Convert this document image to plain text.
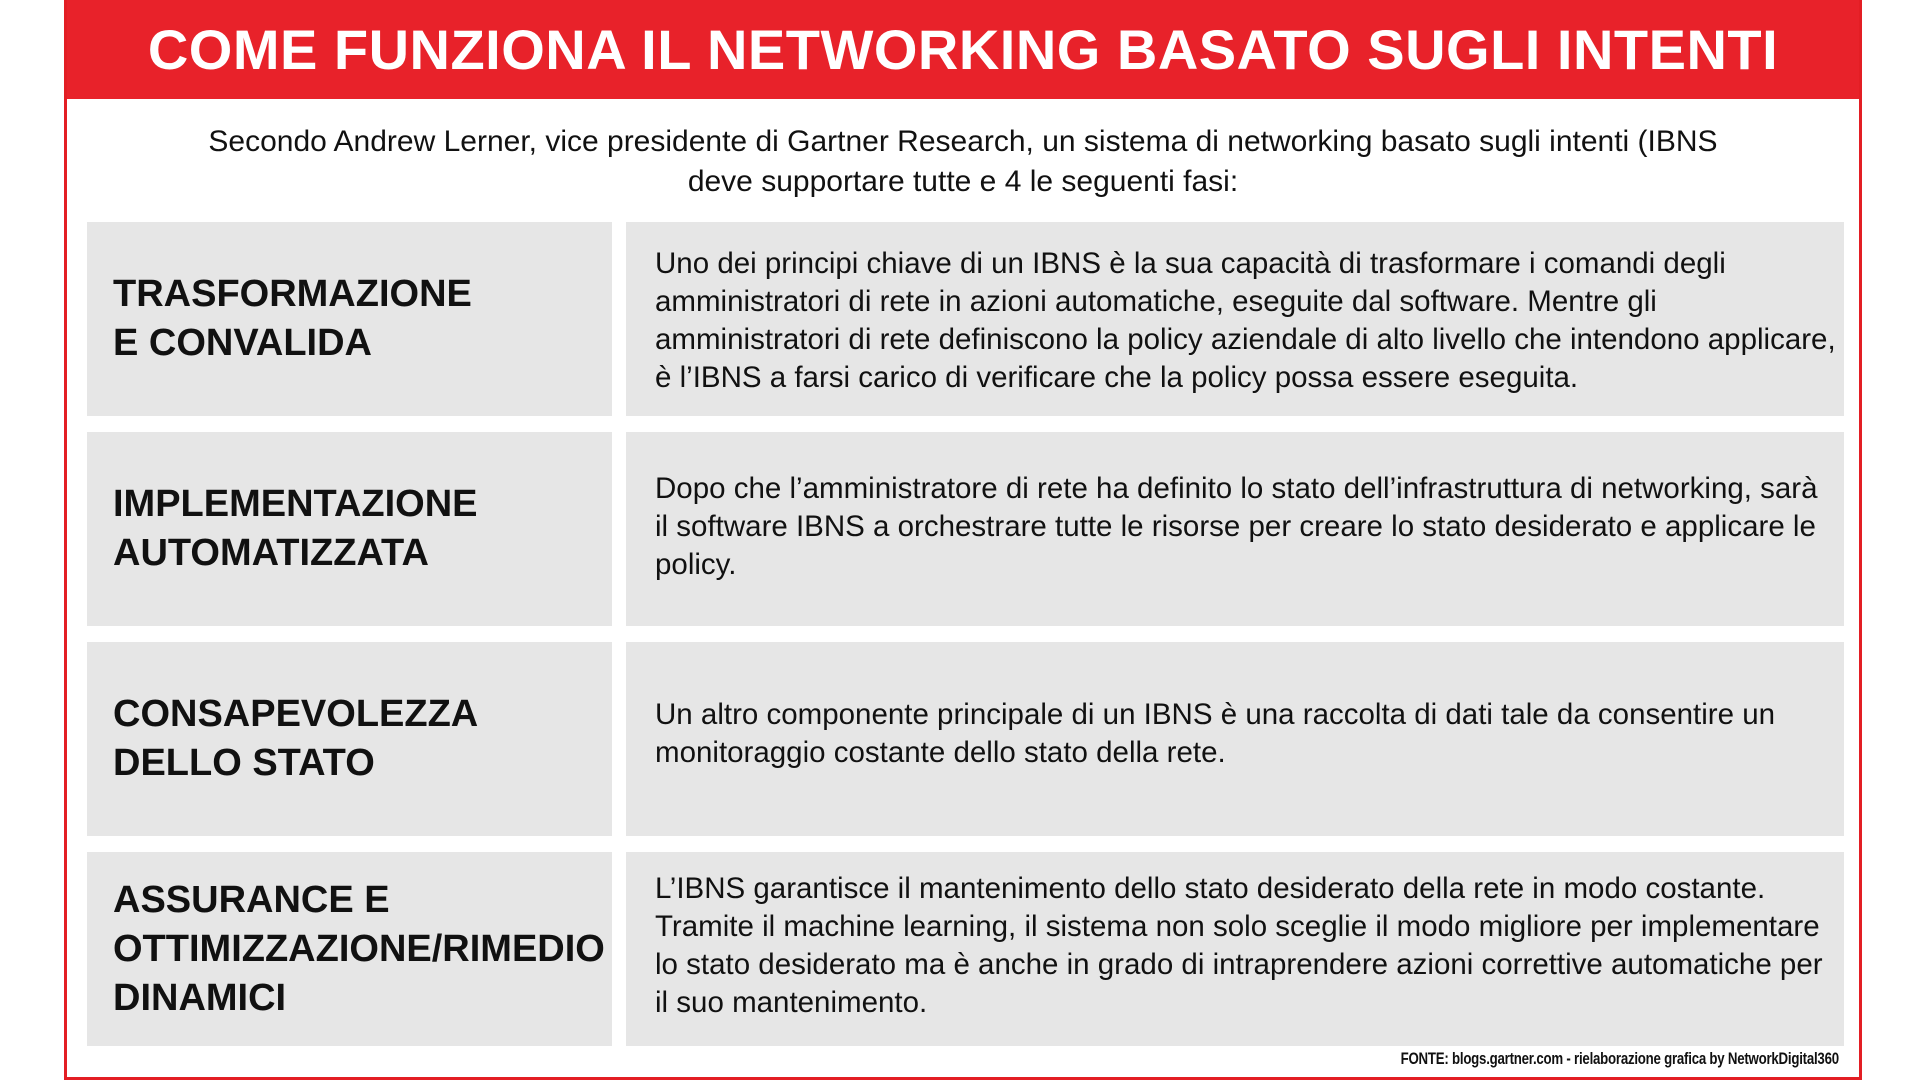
COME FUNZIONA IL NETWORKING BASATO SUGLI INTENTI
Secondo Andrew Lerner, vice presidente di Gartner Research, un sistema di networking basato sugli intenti (IBNS
deve supportare tutte e 4 le seguenti fasi:
TRASFORMAZIONE
E CONVALIDA
Uno dei principi chiave di un IBNS è la sua capacità di trasformare i comandi degli amministratori di rete in azioni automatiche, eseguite dal software. Mentre gli amministratori di rete definiscono la policy aziendale di alto livello che intendono applicare, è l’IBNS a farsi carico di verificare che la policy possa essere eseguita.
IMPLEMENTAZIONE
AUTOMATIZZATA
Dopo che l’amministratore di rete ha definito lo stato dell’infrastruttura di networking, sarà il software IBNS a orchestrare tutte le risorse per creare lo stato desiderato e applicare le policy.
CONSAPEVOLEZZA
DELLO STATO
Un altro componente principale di un IBNS è una raccolta di dati tale da consentire un monitoraggio costante dello stato della rete.
ASSURANCE E
OTTIMIZZAZIONE/RIMEDIO
DINAMICI
L’IBNS garantisce il mantenimento dello stato desiderato della rete in modo costante. Tramite il machine learning, il sistema non solo sceglie il modo migliore per implementare lo stato desiderato ma è anche in grado di intraprendere azioni correttive automatiche per il suo mantenimento.
FONTE: blogs.gartner.com - rielaborazione grafica by NetworkDigital360
